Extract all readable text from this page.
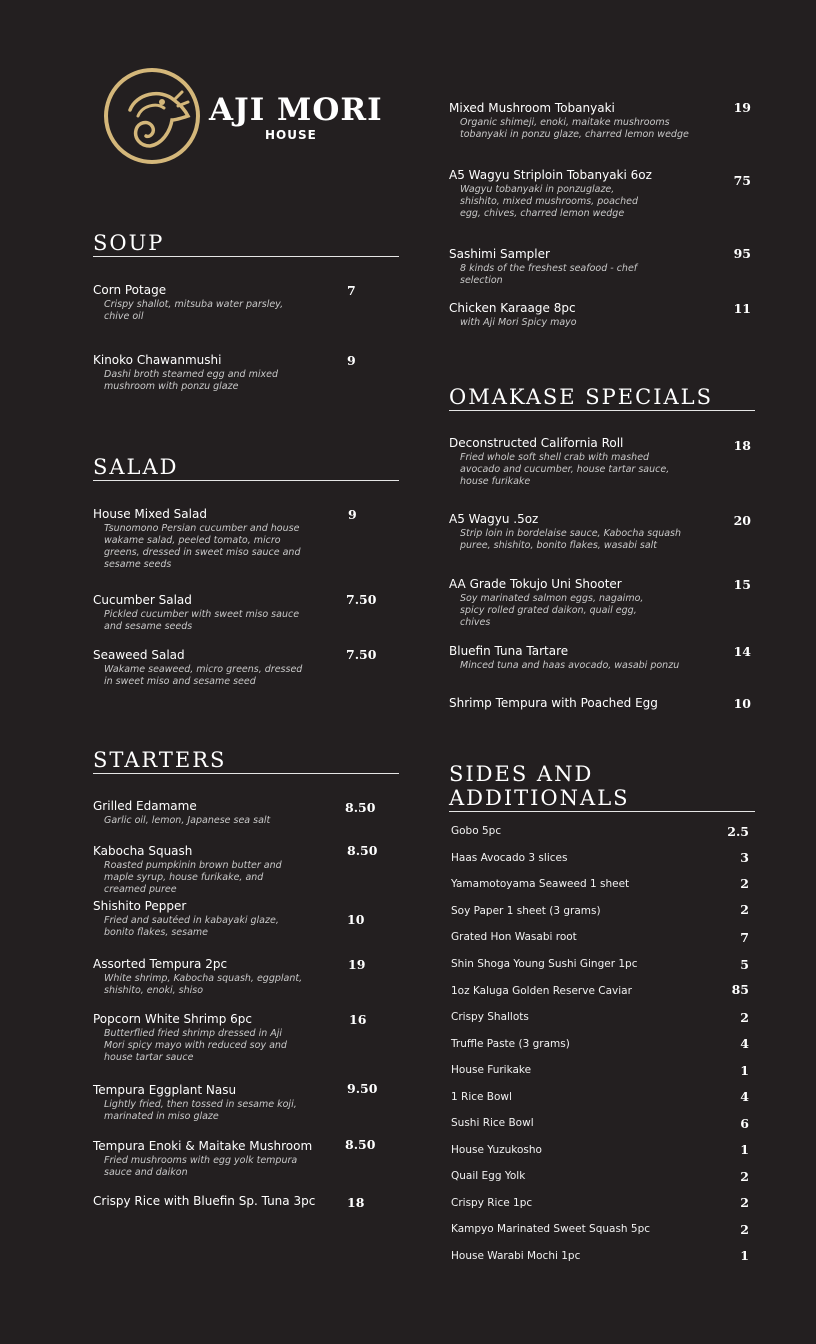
AJI MORI
HOUSE
SOUP
Corn Potage
Crispy shallot, mitsuba water parsley, chive oil
7
Kinoko Chawanmushi
Dashi broth steamed egg and mixed mushroom with ponzu glaze
9
SALAD
House Mixed Salad
Tsunomono Persian cucumber and house wakame salad, peeled tomato, micro greens, dressed in sweet miso sauce and sesame seeds
9
Cucumber Salad
Pickled cucumber with sweet miso sauce and sesame seeds
7.50
Seaweed Salad
Wakame seaweed, micro greens, dressed in sweet miso and sesame seed
7.50
STARTERS
Grilled Edamame
Garlic oil, lemon, Japanese sea salt
8.50
Kabocha Squash
Roasted pumpkinin brown butter and maple syrup, house furikake, and creamed puree
8.50
Shishito Pepper
Fried and sautéed in kabayaki glaze, bonito flakes, sesame
10
Assorted Tempura 2pc
White shrimp, Kabocha squash, eggplant, shishito, enoki, shiso
19
Popcorn White Shrimp 6pc
Butterflied fried shrimp dressed in Aji Mori spicy mayo with reduced soy and house tartar sauce
16
Tempura Eggplant Nasu
Lightly fried, then tossed in sesame koji, marinated in miso glaze
9.50
Tempura Enoki & Maitake Mushroom
Fried mushrooms with egg yolk tempura sauce and daikon
8.50
Crispy Rice with Bluefin Sp. Tuna 3pc	18
Mixed Mushroom Tobanyaki
Organic shimeji, enoki, maitake mushrooms tobanyaki in ponzu glaze, charred lemon wedge
19
A5 Wagyu Striploin Tobanyaki 6oz
Wagyu tobanyaki in ponzuglaze, shishito, mixed mushrooms, poached egg, chives, charred lemon wedge
75
Sashimi Sampler
8 kinds of the freshest seafood - chef selection
95
Chicken Karaage 8pc
with Aji Mori Spicy mayo
11
OMAKASE SPECIALS
Deconstructed California Roll
Fried whole soft shell crab with mashed avocado and cucumber, house tartar sauce, house furikake
18
A5 Wagyu .5oz
Strip loin in bordelaise sauce, Kabocha squash puree, shishito, bonito flakes, wasabi salt
20
AA Grade Tokujo Uni Shooter
Soy marinated salmon eggs, nagaimo, spicy rolled grated daikon, quail egg, chives
15
Bluefin Tuna Tartare
Minced tuna and haas avocado, wasabi ponzu
14
Shrimp Tempura with Poached Egg	10
SIDES AND ADDITIONALS
Gobo 5pc	2.5
Haas Avocado 3 slices	3
Yamamotoyama Seaweed 1 sheet	2
Soy Paper 1 sheet (3 grams)	2
Grated Hon Wasabi root	7
Shin Shoga Young Sushi Ginger 1pc	5
1oz Kaluga Golden Reserve Caviar	85
Crispy Shallots	2
Truffle Paste (3 grams)	4
House Furikake	1
1 Rice Bowl	4
Sushi Rice Bowl	6
House Yuzukosho	1
Quail Egg Yolk	2
Crispy Rice 1pc	2
Kampyo Marinated Sweet Squash 5pc	2
House Warabi Mochi 1pc	1
